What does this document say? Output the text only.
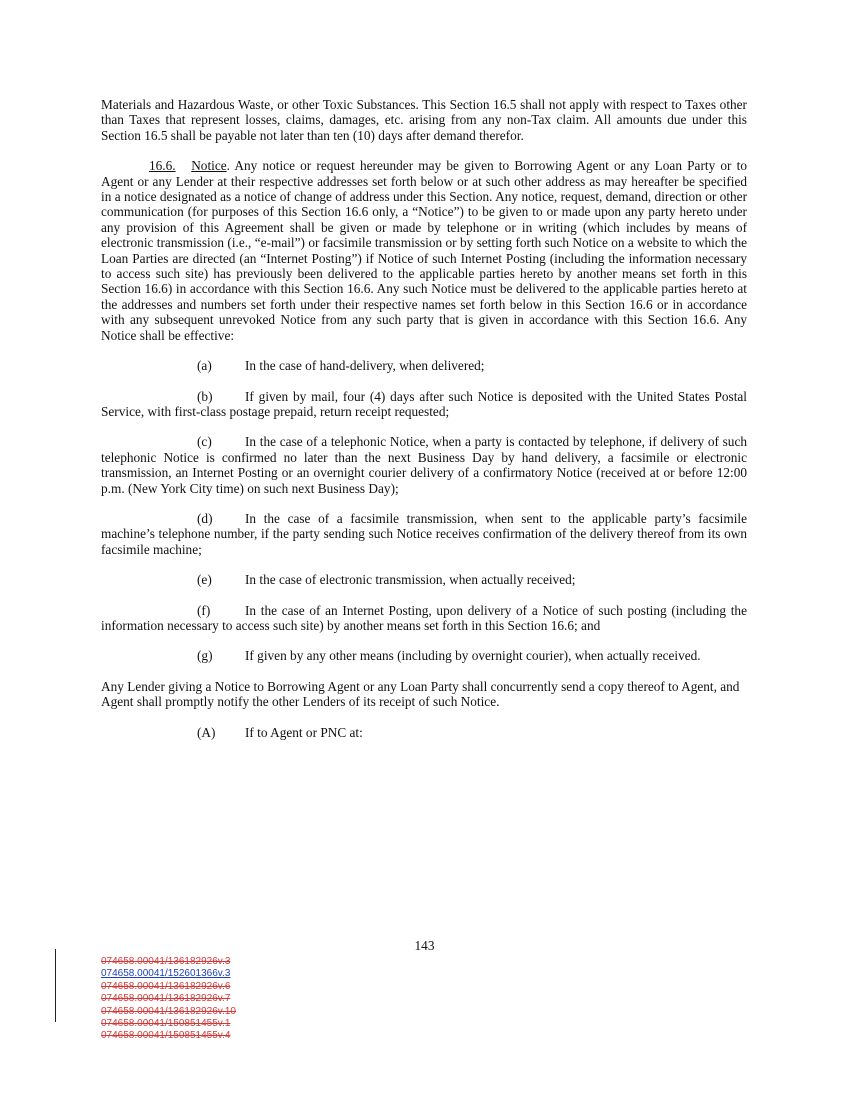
Materials and Hazardous Waste, or other Toxic Substances. This Section 16.5 shall not apply with respect to Taxes other than Taxes that represent losses, claims, damages, etc. arising from any non-Tax claim. All amounts due under this Section 16.5 shall be payable not later than ten (10) days after demand therefor.

16.6. Notice. Any notice or request hereunder may be given to Borrowing Agent or any Loan Party or to Agent or any Lender at their respective addresses set forth below or at such other address as may hereafter be specified in a notice designated as a notice of change of address under this Section. Any notice, request, demand, direction or other communication (for purposes of this Section 16.6 only, a “Notice”) to be given to or made upon any party hereto under any provision of this Agreement shall be given or made by telephone or in writing (which includes by means of electronic transmission (i.e., “e-mail”) or facsimile transmission or by setting forth such Notice on a website to which the Loan Parties are directed (an “Internet Posting”) if Notice of such Internet Posting (including the information necessary to access such site) has previously been delivered to the applicable parties hereto by another means set forth in this Section 16.6) in accordance with this Section 16.6. Any such Notice must be delivered to the applicable parties hereto at the addresses and numbers set forth under their respective names set forth below in this Section 16.6 or in accordance with any subsequent unrevoked Notice from any such party that is given in accordance with this Section 16.6. Any Notice shall be effective:

(a) In the case of hand-delivery, when delivered;

(b) If given by mail, four (4) days after such Notice is deposited with the United States Postal Service, with first-class postage prepaid, return receipt requested;

(c) In the case of a telephonic Notice, when a party is contacted by telephone, if delivery of such telephonic Notice is confirmed no later than the next Business Day by hand delivery, a facsimile or electronic transmission, an Internet Posting or an overnight courier delivery of a confirmatory Notice (received at or before 12:00 p.m. (New York City time) on such next Business Day);

(d) In the case of a facsimile transmission, when sent to the applicable party’s facsimile machine’s telephone number, if the party sending such Notice receives confirmation of the delivery thereof from its own facsimile machine;

(e) In the case of electronic transmission, when actually received;

(f)	In the case of an Internet Posting, upon delivery of a Notice of such posting (including the information necessary to access such site) by another means set forth in this Section 16.6; and

(g) If given by any other means (including by overnight courier), when actually received.

Any Lender giving a Notice to Borrowing Agent or any Loan Party shall concurrently send a copy thereof to Agent, and Agent shall promptly notify the other Lenders of its receipt of such Notice.

(A) If to Agent or PNC at:

143
074658.00041/136182926v.3
074658.00041/152601366v.3
074658.00041/136182926v.6
074658.00041/136182926v.7
074658.00041/136182926v.10
074658.00041/150851455v.1
074658.00041/150851455v.4
